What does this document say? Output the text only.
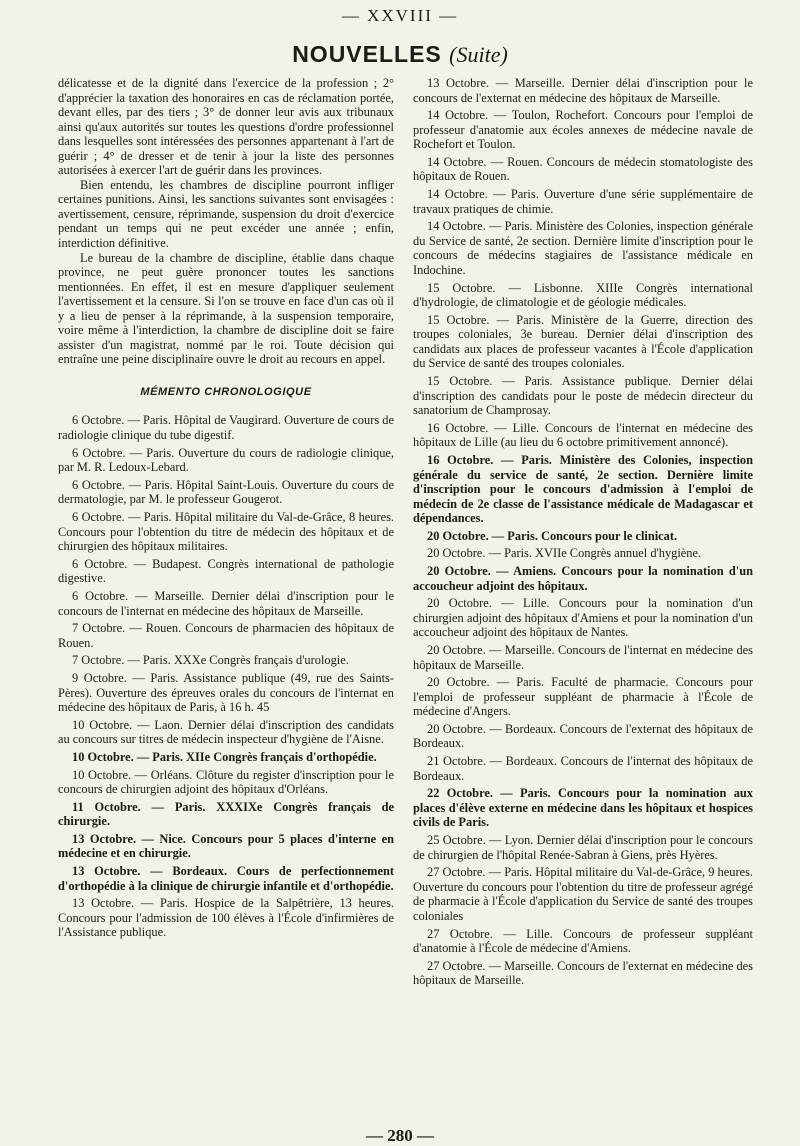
— XXVIII —
NOUVELLES (Suite)

délicatesse et de la dignité dans l'exercice de la profession ; 2° d'apprécier la taxation des honoraires en cas de réclamation portée, devant elles, par des tiers ; 3° de donner leur avis aux tribunaux ainsi qu'aux autorités sur toutes les questions d'ordre professionnel dans lesquelles sont intéressées des personnes appartenant à l'art de guérir ; 4° de dresser et de tenir à jour la liste des personnes autorisées à exercer l'art de guérir dans les provinces.

Bien entendu, les chambres de discipline pourront infliger certaines punitions. Ainsi, les sanctions suivantes sont envisagées : avertissement, censure, réprimande, suspension du droit d'exercice pendant un temps qui ne peut excéder une année ; enfin, interdiction définitive.

Le bureau de la chambre de discipline, établie dans chaque province, ne peut guère prononcer toutes les sanctions mentionnées. En effet, il est en mesure d'appliquer seulement l'avertissement et la censure. Si l'on se trouve en face d'un cas où il y a lieu de penser à la réprimande, à la suspension temporaire, voire même à l'interdiction, la chambre de discipline doit se faire assister d'un magistrat, nommé par le roi. Toute décision qui entraîne une peine disciplinaire ouvre le droit au recours en appel.

MÉMENTO CHRONOLOGIQUE

6 Octobre. — Paris. Hôpital de Vaugirard. Ouverture de cours de radiologie clinique du tube digestif.

6 Octobre. — Paris. Ouverture du cours de radiologie clinique, par M. R. Ledoux-Lebard.

6 Octobre. — Paris. Hôpital Saint-Louis. Ouverture du cours de dermatologie, par M. le professeur Gougerot.

6 Octobre. — Paris. Hôpital militaire du Val-de-Grâce, 8 heures. Concours pour l'obtention du titre de médecin des hôpitaux et de chirurgien des hôpitaux militaires.

6 Octobre. — Budapest. Congrès international de pathologie digestive.

6 Octobre. — Marseille. Dernier délai d'inscription pour le concours de l'internat en médecine des hôpitaux de Marseille.

7 Octobre. — Rouen. Concours de pharmacien des hôpitaux de Rouen.

7 Octobre. — Paris. XXXe Congrès français d'urologie.

9 Octobre. — Paris. Assistance publique (49, rue des Saints-Pères). Ouverture des épreuves orales du concours de l'internat en médecine des hôpitaux de Paris, à 16 h. 45

10 Octobre. — Laon. Dernier délai d'inscription des candidats au concours sur titres de médecin inspecteur d'hygiène de l'Aisne.

10 Octobre. — Paris. XIIe Congrès français d'orthopédie.

10 Octobre. — Orléans. Clôture du register d'inscription pour le concours de chirurgien adjoint des hôpitaux d'Orléans.

11 Octobre. — Paris. XXXIXe Congrès français de chirurgie.

13 Octobre. — Nice. Concours pour 5 places d'interne en médecine et en chirurgie.

13 Octobre. — Bordeaux. Cours de perfectionnement d'orthopédie à la clinique de chirurgie infantile et d'orthopédie.

13 Octobre. — Paris. Hospice de la Salpêtrière, 13 heures. Concours pour l'admission de 100 élèves à l'École d'infirmières de l'Assistance publique.

13 Octobre. — Marseille. Dernier délai d'inscription pour le concours de l'externat en médecine des hôpitaux de Marseille.

14 Octobre. — Toulon, Rochefort. Concours pour l'emploi de professeur d'anatomie aux écoles annexes de médecine navale de Rochefort et Toulon.

14 Octobre. — Rouen. Concours de médecin stomatologiste des hôpitaux de Rouen.

14 Octobre. — Paris. Ouverture d'une série supplémentaire de travaux pratiques de chimie.

14 Octobre. — Paris. Ministère des Colonies, inspection générale du Service de santé, 2e section. Dernière limite d'inscription pour le concours de médecins stagiaires de l'assistance médicale en Indochine.

15 Octobre. — Lisbonne. XIIIe Congrès international d'hydrologie, de climatologie et de géologie médicales.

15 Octobre. — Paris. Ministère de la Guerre, direction des troupes coloniales, 3e bureau. Dernier délai d'inscription des candidats aux places de professeur vacantes à l'École d'application du Service de santé des troupes coloniales.

15 Octobre. — Paris. Assistance publique. Dernier délai d'inscription des candidats pour le poste de médecin directeur du sanatorium de Champrosay.

16 Octobre. — Lille. Concours de l'internat en médecine des hôpitaux de Lille (au lieu du 6 octobre primitivement annoncé).

16 Octobre. — Paris. Ministère des Colonies, inspection générale du service de santé, 2e section. Dernière limite d'inscription pour le concours d'admission à l'emploi de médecin de 2e classe de l'assistance médicale de Madagascar et dépendances.

20 Octobre. — Paris. Concours pour le clinicat.

20 Octobre. — Paris. XVIIe Congrès annuel d'hygiène.

20 Octobre. — Amiens. Concours pour la nomination d'un accoucheur adjoint des hôpitaux.

20 Octobre. — Lille. Concours pour la nomination d'un chirurgien adjoint des hôpitaux d'Amiens et pour la nomination d'un accoucheur adjoint des hôpitaux de Nantes.

20 Octobre. — Marseille. Concours de l'internat en médecine des hôpitaux de Marseille.

20 Octobre. — Paris. Faculté de pharmacie. Concours pour l'emploi de professeur suppléant de pharmacie à l'École de médecine d'Angers.

20 Octobre. — Bordeaux. Concours de l'externat des hôpitaux de Bordeaux.

21 Octobre. — Bordeaux. Concours de l'internat des hôpitaux de Bordeaux.

22 Octobre. — Paris. Concours pour la nomination aux places d'élève externe en médecine dans les hôpitaux et hospices civils de Paris.

25 Octobre. — Lyon. Dernier délai d'inscription pour le concours de chirurgien de l'hôpital Renée-Sabran à Giens, près Hyères.

27 Octobre. — Paris. Hôpital militaire du Val-de-Grâce, 9 heures. Ouverture du concours pour l'obtention du titre de professeur agrégé de pharmacie à l'École d'application du Service de santé des troupes coloniales

27 Octobre. — Lille. Concours de professeur suppléant d'anatomie à l'École de médecine d'Amiens.

27 Octobre. — Marseille. Concours de l'externat en médecine des hôpitaux de Marseille.

— 280 —
